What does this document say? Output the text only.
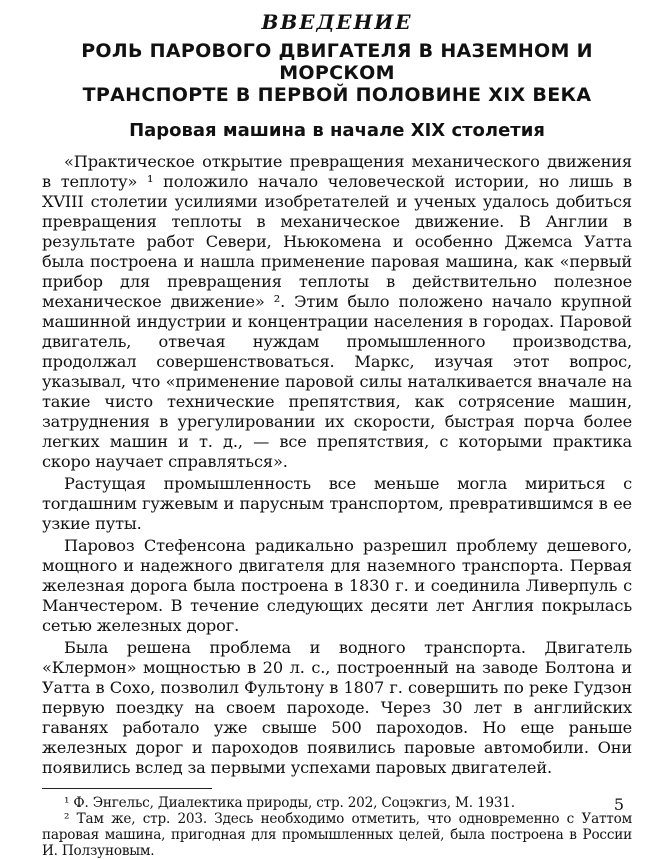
ВВЕДЕНИЕ
РОЛЬ ПАРОВОГО ДВИГАТЕЛЯ В НАЗЕМНОМ И МОРСКОМ
ТРАНСПОРТЕ В ПЕРВОЙ ПОЛОВИНЕ XIX ВЕКА
Паровая машина в начале XIX столетия

«Практическое открытие превращения механического движения в теплоту» ¹ положило начало человеческой истории, но лишь в XVIII столетии усилиями изобретателей и ученых удалось добиться превращения теплоты в механическое движение. В Англии в результате работ Севери, Ньюкомена и особенно Джемса Уатта была построена и нашла применение паровая машина, как «первый прибор для превращения теплоты в действительно полезное механическое движение» ². Этим было положено начало крупной машинной индустрии и концентрации населения в городах. Паровой двигатель, отвечая нуждам промышленного производства, продолжал совершенствоваться. Маркс, изучая этот вопрос, указывал, что «применение паровой силы наталкивается вначале на такие чисто технические препятствия, как сотрясение машин, затруднения в урегулировании их скорости, быстрая порча более легких машин и т. д., — все препятствия, с которыми практика скоро научает справляться».

Растущая промышленность все меньше могла мириться с тогдашним гужевым и парусным транспортом, превратившимся в ее узкие путы.

Паровоз Стефенсона радикально разрешил проблему дешевого, мощного и надежного двигателя для наземного транспорта. Первая железная дорога была построена в 1830 г. и соединила Ливерпуль с Манчестером. В течение следующих десяти лет Англия покрылась сетью железных дорог.

Была решена проблема и водного транспорта. Двигатель «Клермон» мощностью в 20 л. с., построенный на заводе Болтона и Уатта в Сохо, позволил Фультону в 1807 г. совершить по реке Гудзон первую поездку на своем пароходе. Через 30 лет в английских гаванях работало уже свыше 500 пароходов. Но еще раньше железных дорог и пароходов появились паровые автомобили. Они появились вслед за первыми успехами паровых двигателей.

¹ Ф. Энгельс, Диалектика природы, стр. 202, Соцэкгиз, М. 1931.

² Там же, стр. 203. Здесь необходимо отметить, что одновременно с Уаттом паровая машина, пригодная для промышленных целей, была построена в России И. Ползуновым.

5
